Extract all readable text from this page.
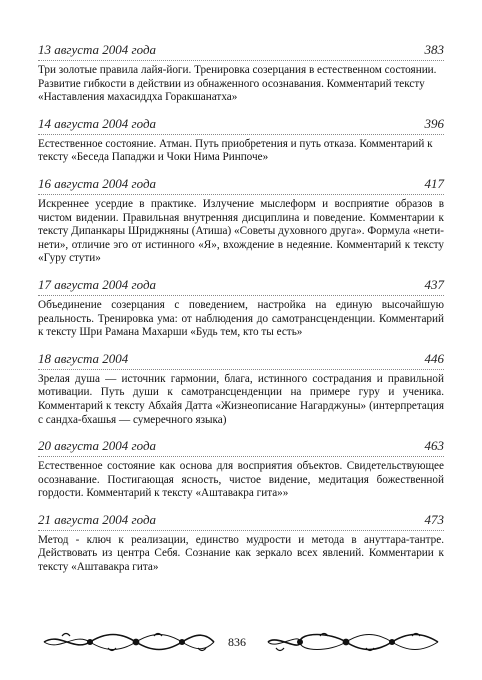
13 августа 2004 года	383
Три золотые правила лайя-йоги. Тренировка созерцания в естественном состоянии. Развитие гибкости в действии из обнаженного осознавания. Комментарий тексту «Наставления махасиддха Горакшанатха»
14 августа 2004 года	396
Естественное состояние. Атман. Путь приобретения и путь отказа. Комментарий к тексту «Беседа Пападжи и Чоки Нима Ринпоче»
16 августа 2004 года	417
Искреннее усердие в практике. Излучение мыслеформ и восприятие образов в чистом видении. Правильная внутренняя дисциплина и поведение. Комментарии к тексту Дипанкары Шриджняны (Атиша) «Советы духовного друга». Формула «нети-нети», отличие эго от истинного «Я», вхождение в недеяние. Комментарий к тексту «Гуру стути»
17 августа 2004 года	437
Объединение созерцания с поведением, настройка на единую высочайшую реальность. Тренировка ума: от наблюдения до самотрансценденции. Комментарий к тексту Шри Рамана Махарши «Будь тем, кто ты есть»
18 августа 2004	446
Зрелая душа — источник гармонии, блага, истинного сострадания и правильной мотивации. Путь души к самотрансценденции на примере гуру и ученика. Комментарий к тексту Абхайя Датта «Жизнеописание Нагарджуны» (интерпретация с сандха-бхашья — сумеречного языка)
20 августа 2004 года	463
Естественное состояние как основа для восприятия объектов. Свидетельствующее осознавание. Постигающая ясность, чистое видение, медитация божественной гордости. Комментарий к тексту «Аштавакра гита»»
21 августа 2004 года	473
Метод - ключ к реализации, единство мудрости и метода в ануттара-тантре. Действовать из центра Себя. Сознание как зеркало всех явлений. Комментарии к тексту «Аштавакра гита»
836
